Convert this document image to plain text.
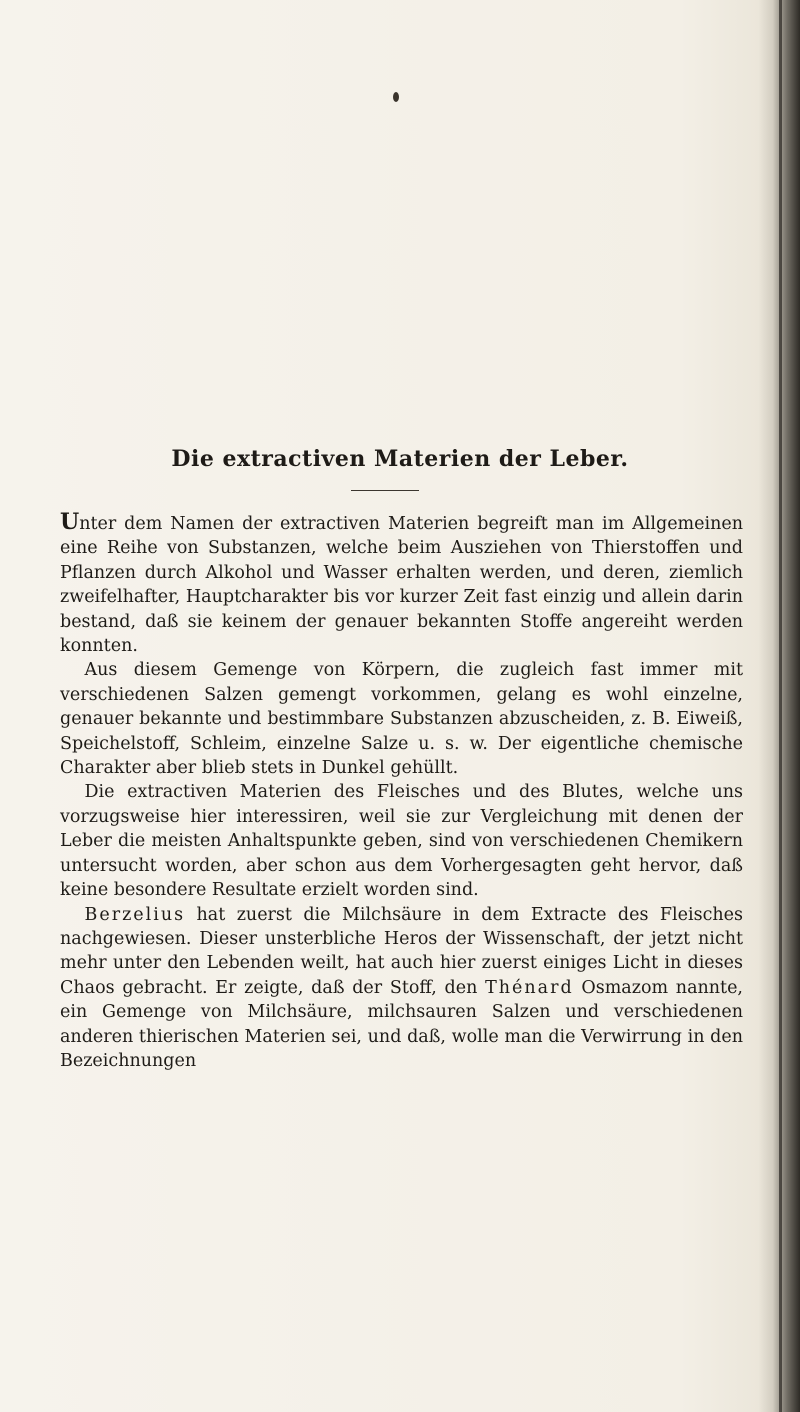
Die extractiven Materien der Leber.

Unter dem Namen der extractiven Materien begreift man im Allgemeinen eine Reihe von Substanzen, welche beim Ausziehen von Thierstoffen und Pflanzen durch Alkohol und Wasser erhalten werden, und deren, ziemlich zweifelhafter, Hauptcharakter bis vor kurzer Zeit fast einzig und allein darin bestand, daß sie keinem der genauer bekannten Stoffe angereiht werden konnten.

Aus diesem Gemenge von Körpern, die zugleich fast immer mit verschiedenen Salzen gemengt vorkommen, gelang es wohl einzelne, genauer bekannte und bestimmbare Substanzen abzuscheiden, z. B. Eiweiß, Speichelstoff, Schleim, einzelne Salze u. s. w. Der eigentliche chemische Charakter aber blieb stets in Dunkel gehüllt.

Die extractiven Materien des Fleisches und des Blutes, welche uns vorzugsweise hier interessiren, weil sie zur Vergleichung mit denen der Leber die meisten Anhaltspunkte geben, sind von verschiedenen Chemikern untersucht worden, aber schon aus dem Vorhergesagten geht hervor, daß keine besondere Resultate erzielt worden sind.

Berzelius hat zuerst die Milchsäure in dem Extracte des Fleisches nachgewiesen. Dieser unsterbliche Heros der Wissenschaft, der jetzt nicht mehr unter den Lebenden weilt, hat auch hier zuerst einiges Licht in dieses Chaos gebracht. Er zeigte, daß der Stoff, den Thénard Osmazom nannte, ein Gemenge von Milchsäure, milchsauren Salzen und verschiedenen anderen thierischen Materien sei, und daß, wolle man die Verwirrung in den Bezeichnungen
